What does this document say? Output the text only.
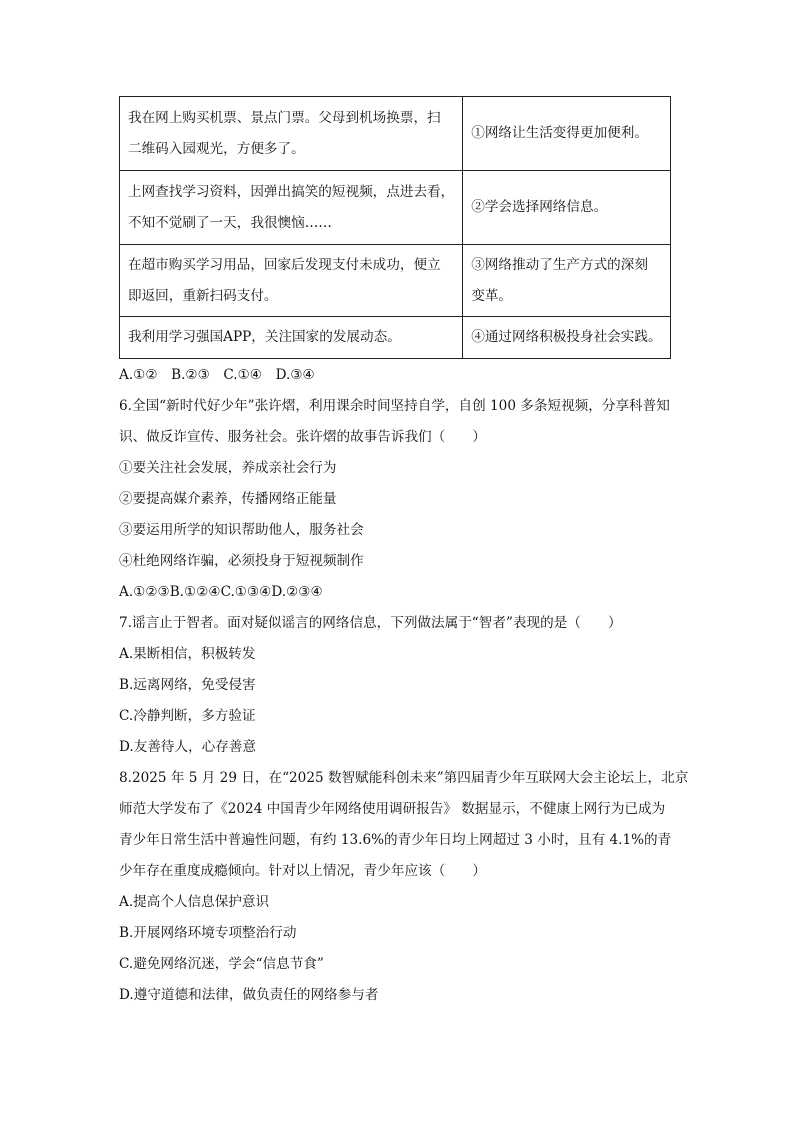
我在网上购买机票、景点门票。父母到机场换票，扫
二维码入园观光，方便多了。	①网络让生活变得更加便利。

上网查找学习资料，因弹出搞笑的短视频，点进去看，
不知不觉刷了一天，我很懊恼……	②学会选择网络信息。

在超市购买学习用品，回家后发现支付未成功，便立
即返回，重新扫码支付。	③网络推动了生产方式的深刻
变革。

我利用学习强国APP，关注国家的发展动态。	④通过网络积极投身社会实践。
A.①②　B.②③　C.①④　D.③④
6.全国“新时代好少年”张许熠，利用课余时间坚持自学，自创 100 多条短视频，分享科普知
识、做反诈宣传、服务社会。张许熠的故事告诉我们（　　）
①要关注社会发展，养成亲社会行为
②要提高媒介素养，传播网络正能量
③要运用所学的知识帮助他人，服务社会
④杜绝网络诈骗，必须投身于短视频制作
A.①②③B.①②④C.①③④D.②③④
7.谣言止于智者。面对疑似谣言的网络信息，下列做法属于“智者”表现的是（　　）
A.果断相信，积极转发
B.远离网络，免受侵害
C.冷静判断，多方验证
D.友善待人，心存善意
8.2025 年 5 月 29 日，在“2025 数智赋能科创未来”第四届青少年互联网大会主论坛上，北京
师范大学发布了《2024 中国青少年网络使用调研报告》 数据显示，不健康上网行为已成为
青少年日常生活中普遍性问题，有约 13.6%的青少年日均上网超过 3 小时，且有 4.1%的青
少年存在重度成瘾倾向。针对以上情况，青少年应该（　　）
A.提高个人信息保护意识
B.开展网络环境专项整治行动
C.避免网络沉迷，学会“信息节食”
D.遵守道德和法律，做负责任的网络参与者
